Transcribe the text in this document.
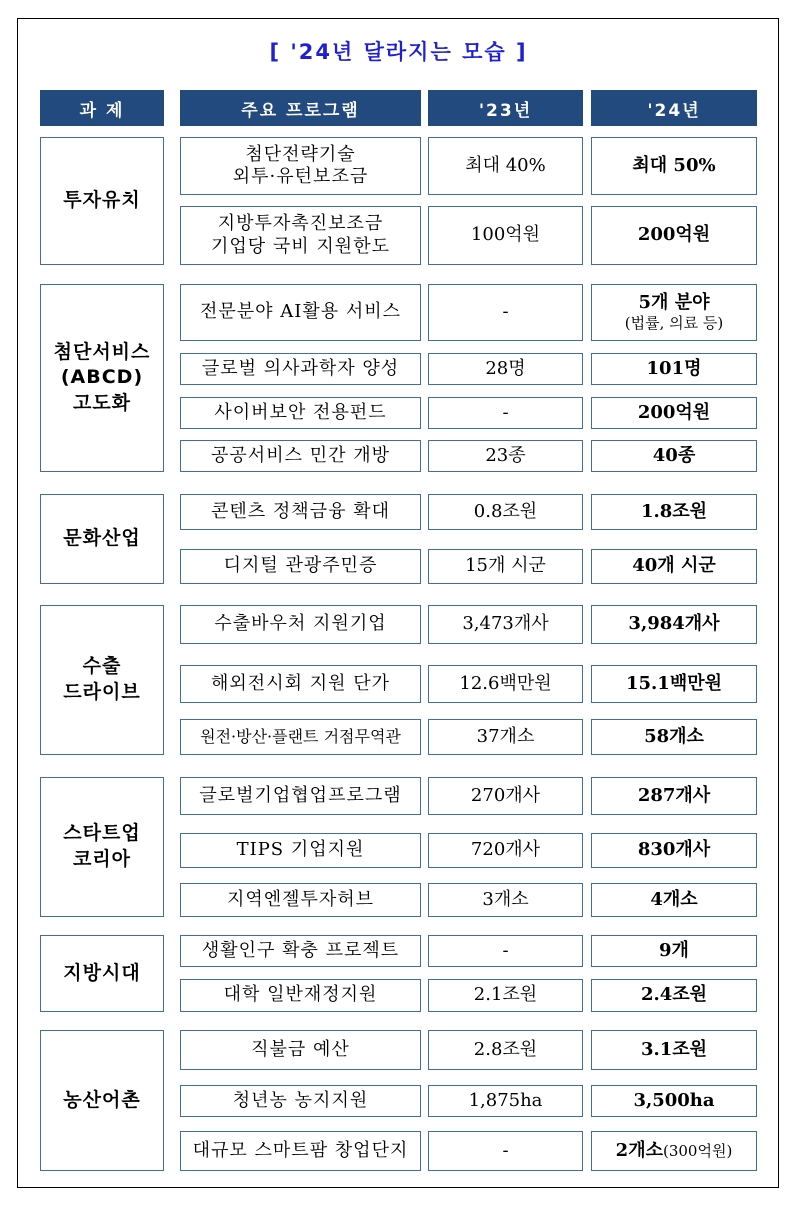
[ '24년 달라지는 모습 ]
과 제	주요 프로그램	'23년	'24년
투자유치
첨단전략기술
외투·유턴보조금
최대 40%	최대 50%
지방투자촉진보조금
기업당 국비 지원한도
100억원	200억원
첨단서비스
(ABCD)
고도화
전문분야 AI활용 서비스	-	5개 분야
(법률, 의료 등)
글로벌 의사과학자 양성	28명	101명
사이버보안 전용펀드	-	200억원
공공서비스 민간 개방	23종	40종
문화산업
콘텐츠 정책금융 확대	0.8조원	1.8조원
디지털 관광주민증	15개 시군	40개 시군
수출
드라이브
수출바우처 지원기업	3,473개사	3,984개사
해외전시회 지원 단가	12.6백만원	15.1백만원
원전·방산·플랜트 거점무역관	37개소	58개소
스타트업
코리아
글로벌기업협업프로그램	270개사	287개사
TIPS 기업지원	720개사	830개사
지역엔젤투자허브	3개소	4개소
지방시대
생활인구 확충 프로젝트	-	9개
대학 일반재정지원	2.1조원	2.4조원
농산어촌
직불금 예산	2.8조원	3.1조원
청년농 농지지원	1,875ha	3,500ha
대규모 스마트팜 창업단지	-	2개소 (300억원)
